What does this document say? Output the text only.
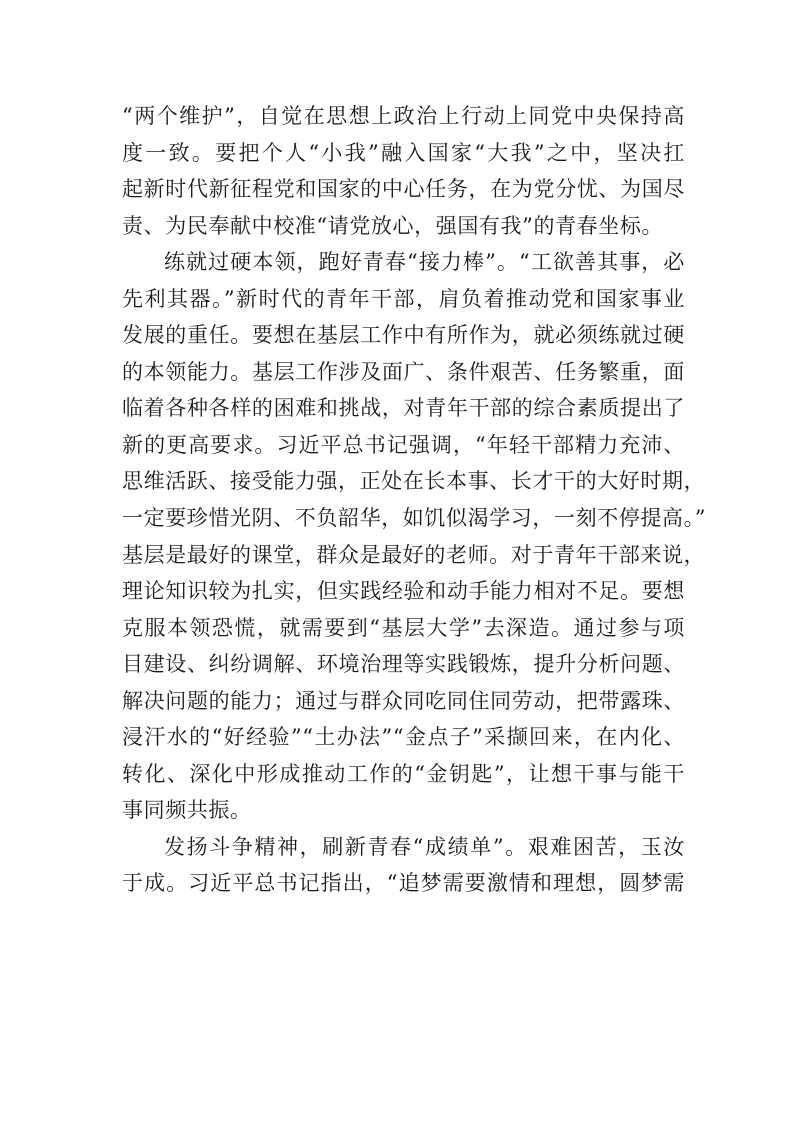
“两个维护”，自觉在思想上政治上行动上同党中央保持高
度一致。要把个人“小我”融入国家“大我”之中，坚决扛
起新时代新征程党和国家的中心任务，在为党分忧、为国尽
责、为民奉献中校准“请党放心，强国有我”的青春坐标。
练就过硬本领，跑好青春“接力棒”。“工欲善其事，必
先利其器。”新时代的青年干部，肩负着推动党和国家事业
发展的重任。要想在基层工作中有所作为，就必须练就过硬
的本领能力。基层工作涉及面广、条件艰苦、任务繁重，面
临着各种各样的困难和挑战，对青年干部的综合素质提出了
新的更高要求。习近平总书记强调，“年轻干部精力充沛、
思维活跃、接受能力强，正处在长本事、长才干的大好时期，
一定要珍惜光阴、不负韶华，如饥似渴学习，一刻不停提高。”
基层是最好的课堂，群众是最好的老师。对于青年干部来说，
理论知识较为扎实，但实践经验和动手能力相对不足。要想
克服本领恐慌，就需要到“基层大学”去深造。通过参与项
目建设、纠纷调解、环境治理等实践锻炼，提升分析问题、
解决问题的能力；通过与群众同吃同住同劳动，把带露珠、
浸汗水的“好经验”“土办法”“金点子”采撷回来，在内化、
转化、深化中形成推动工作的“金钥匙”，让想干事与能干
事同频共振。
发扬斗争精神，刷新青春“成绩单”。艰难困苦，玉汝
于成。习近平总书记指出，“追梦需要激情和理想，圆梦需
